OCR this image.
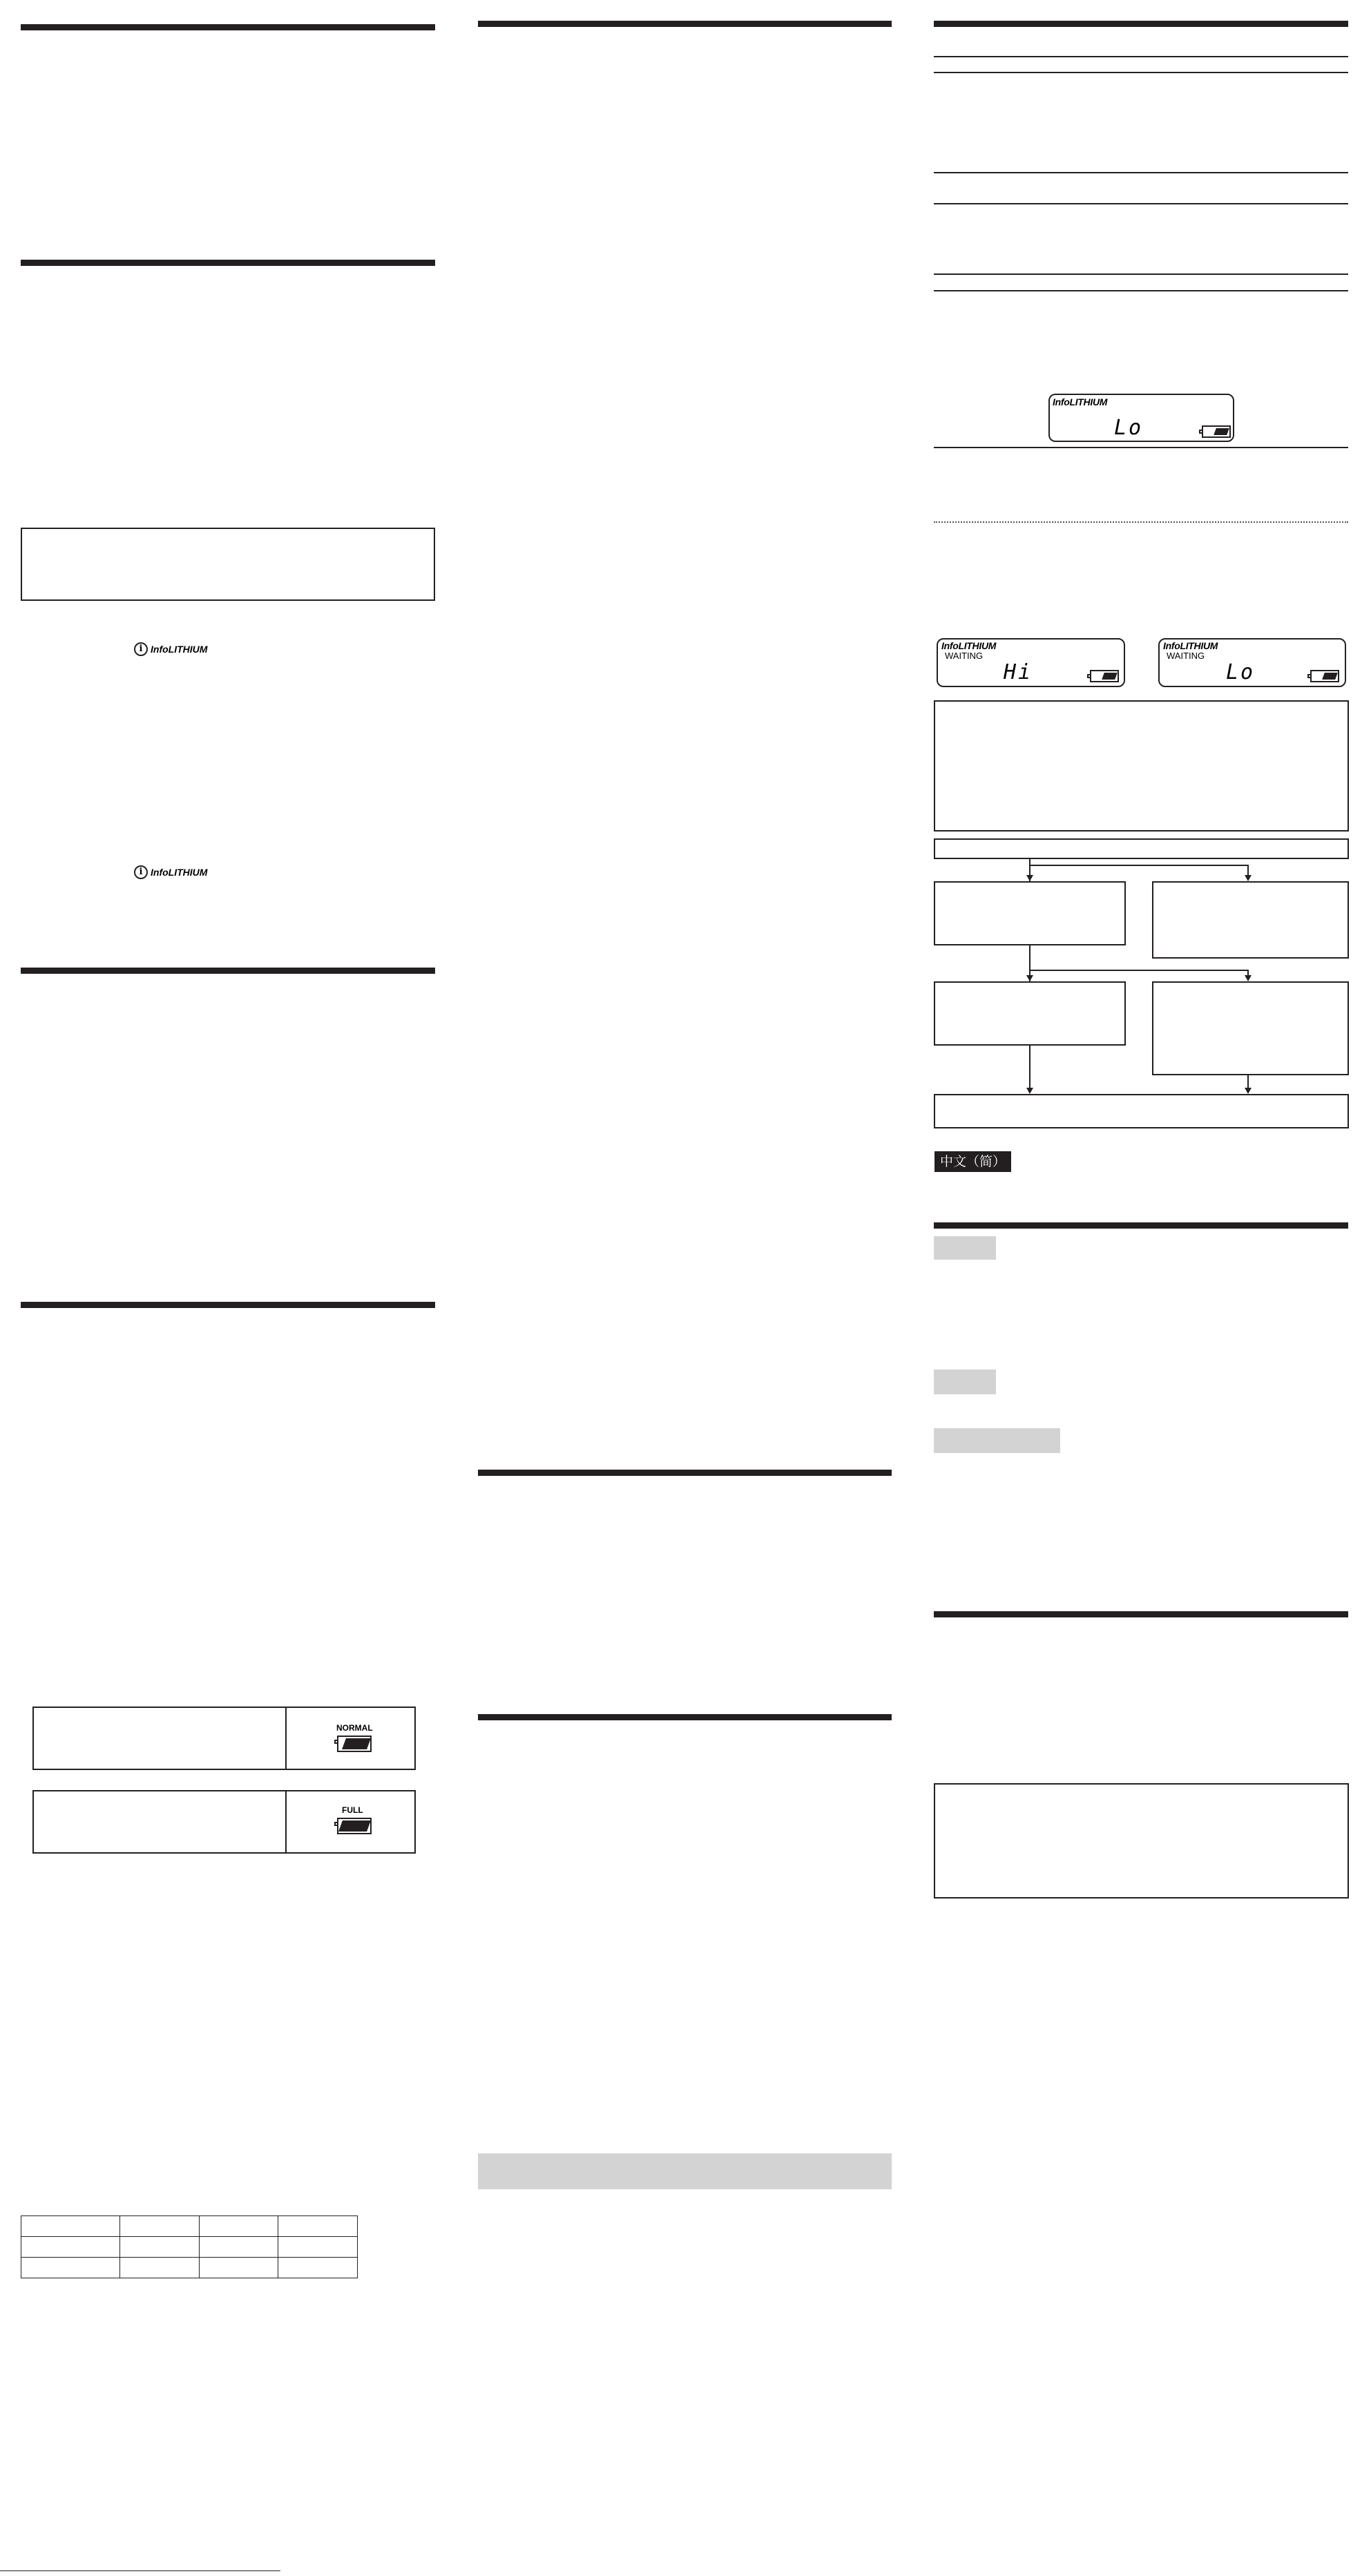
i InfoLITHIUM
i InfoLITHIUM
NORMAL
FULL

InfoLITHIUM
Lo
InfoLITHIUM
WAITING
Hi
InfoLITHIUM
WAITING
Lo
中文（简）
